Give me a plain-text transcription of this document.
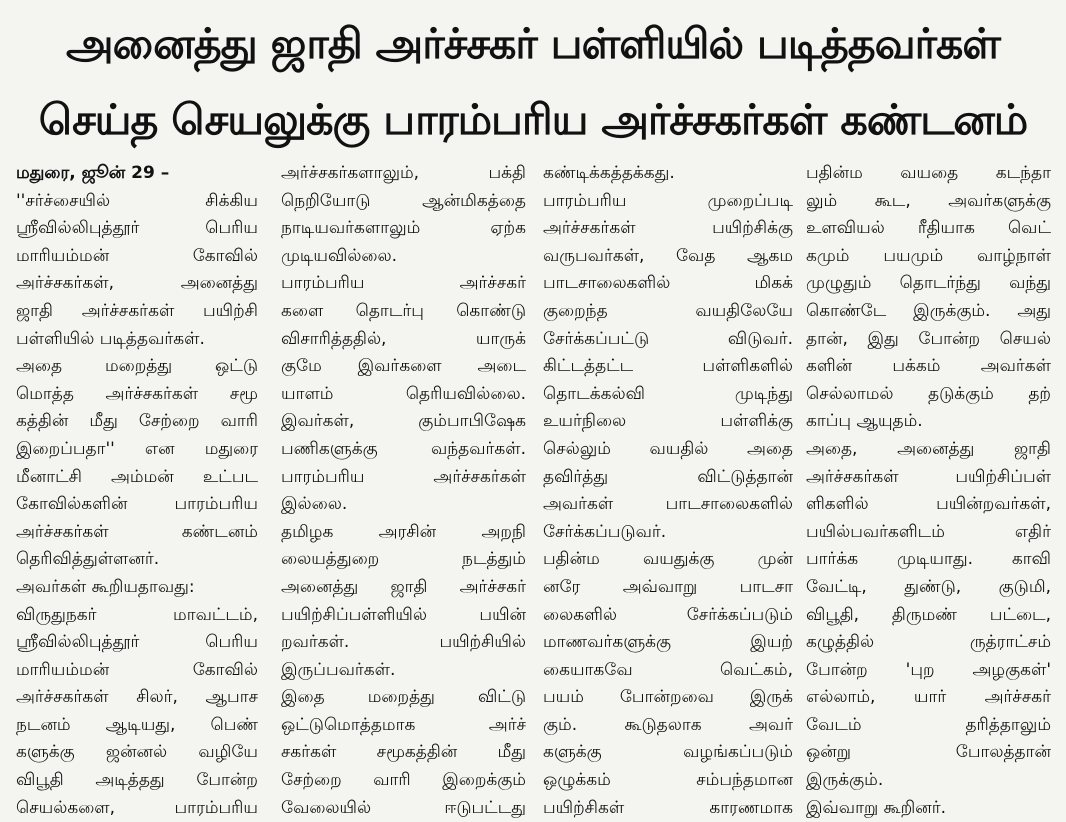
அனைத்து ஜாதி அர்ச்சகர் பள்ளியில் படித்தவர்கள்
செய்த செயலுக்கு பாரம்பரிய அர்ச்சகர்கள் கண்டனம்
மதுரை, ஜூன் 29 –
''சர்ச்சையில் சிக்கிய
ஸ்ரீவில்லிபுத்தூர் பெரிய
மாரியம்மன் கோவில்
அர்ச்சகர்கள், அனைத்து
ஜாதி அர்ச்சகர்கள் பயிற்சி
பள்ளியில் படித்தவர்கள்.
அதை மறைத்து ஒட்டு
மொத்த அர்ச்சகர்கள் சமூ
கத்தின் மீது சேற்றை வாரி
இறைப்பதா'' என மதுரை
மீனாட்சி அம்மன் உட்பட
கோவில்களின் பாரம்பரிய
அர்ச்சகர்கள் கண்டனம்
தெரிவித்துள்ளனர்.
அவர்கள் கூறியதாவது:
விருதுநகர் மாவட்டம்,
ஸ்ரீவில்லிபுத்தூர் பெரிய
மாரியம்மன் கோவில்
அர்ச்சகர்கள் சிலர், ஆபாச
நடனம் ஆடியது, பெண்
களுக்கு ஜன்னல் வழியே
விபூதி அடித்தது போன்ற
செயல்களை, பாரம்பரிய
அர்ச்சகர்களாலும், பக்தி
நெறியோடு ஆன்மிகத்தை
நாடியவர்களாலும் ஏற்க
முடியவில்லை.
பாரம்பரிய அர்ச்சகர்
களை தொடர்பு கொண்டு
விசாரித்ததில், யாருக்
குமே இவர்களை அடை
யாளம் தெரியவில்லை.
இவர்கள், கும்பாபிஷேக
பணிகளுக்கு வந்தவர்கள்.
பாரம்பரிய அர்ச்சகர்கள்
இல்லை.
தமிழக அரசின் அறநி
லையத்துறை நடத்தும்
அனைத்து ஜாதி அர்ச்சகர்
பயிற்சிப்பள்ளியில் பயின்
றவர்கள். பயிற்சியில்
இருப்பவர்கள்.
இதை மறைத்து விட்டு
ஒட்டுமொத்தமாக அர்ச்
சகர்கள் சமூகத்தின் மீது
சேற்றை வாரி இறைக்கும்
வேலையில் ஈடுபட்டது
கண்டிக்கத்தக்கது.
பாரம்பரிய முறைப்படி
அர்ச்சகர்கள் பயிற்சிக்கு
வருபவர்கள், வேத ஆகம
பாடசாலைகளில் மிகக்
குறைந்த வயதிலேயே
சேர்க்கப்பட்டு விடுவர்.
கிட்டத்தட்ட பள்ளிகளில்
தொடக்கல்வி முடிந்து
உயர்நிலை பள்ளிக்கு
செல்லும் வயதில் அதை
தவிர்த்து விட்டுத்தான்
அவர்கள் பாடசாலைகளில்
சேர்க்கப்படுவர்.
பதின்ம வயதுக்கு முன்
னரே அவ்வாறு பாடசா
லைகளில் சேர்க்கப்படும்
மாணவர்களுக்கு இயற்
கையாகவே வெட்கம்,
பயம் போன்றவை இருக்
கும். கூடுதலாக அவர்
களுக்கு வழங்கப்படும்
ஒழுக்கம் சம்பந்தமான
பயிற்சிகள் காரணமாக
பதின்ம வயதை கடந்தா
லும் கூட, அவர்களுக்கு
உளவியல் ரீதியாக வெட்
கமும் பயமும் வாழ்நாள்
முழுதும் தொடர்ந்து வந்து
கொண்டே இருக்கும். அது
தான், இது போன்ற செயல்
களின் பக்கம் அவர்கள்
செல்லாமல் தடுக்கும் தற்
காப்பு ஆயுதம்.
அதை, அனைத்து ஜாதி
அர்ச்சகர்கள் பயிற்சிப்பள்
ளிகளில் பயின்றவர்கள்,
பயில்பவர்களிடம் எதிர்
பார்க்க முடியாது. காவி
வேட்டி, துண்டு, குடுமி,
விபூதி, திருமண் பட்டை,
கழுத்தில் ருத்ராட்சம்
போன்ற 'புற அழகுகள்'
எல்லாம், யார் அர்ச்சகர்
வேடம் தரித்தாலும்
ஒன்று போலத்தான்
இருக்கும்.
இவ்வாறு கூறினர்.
